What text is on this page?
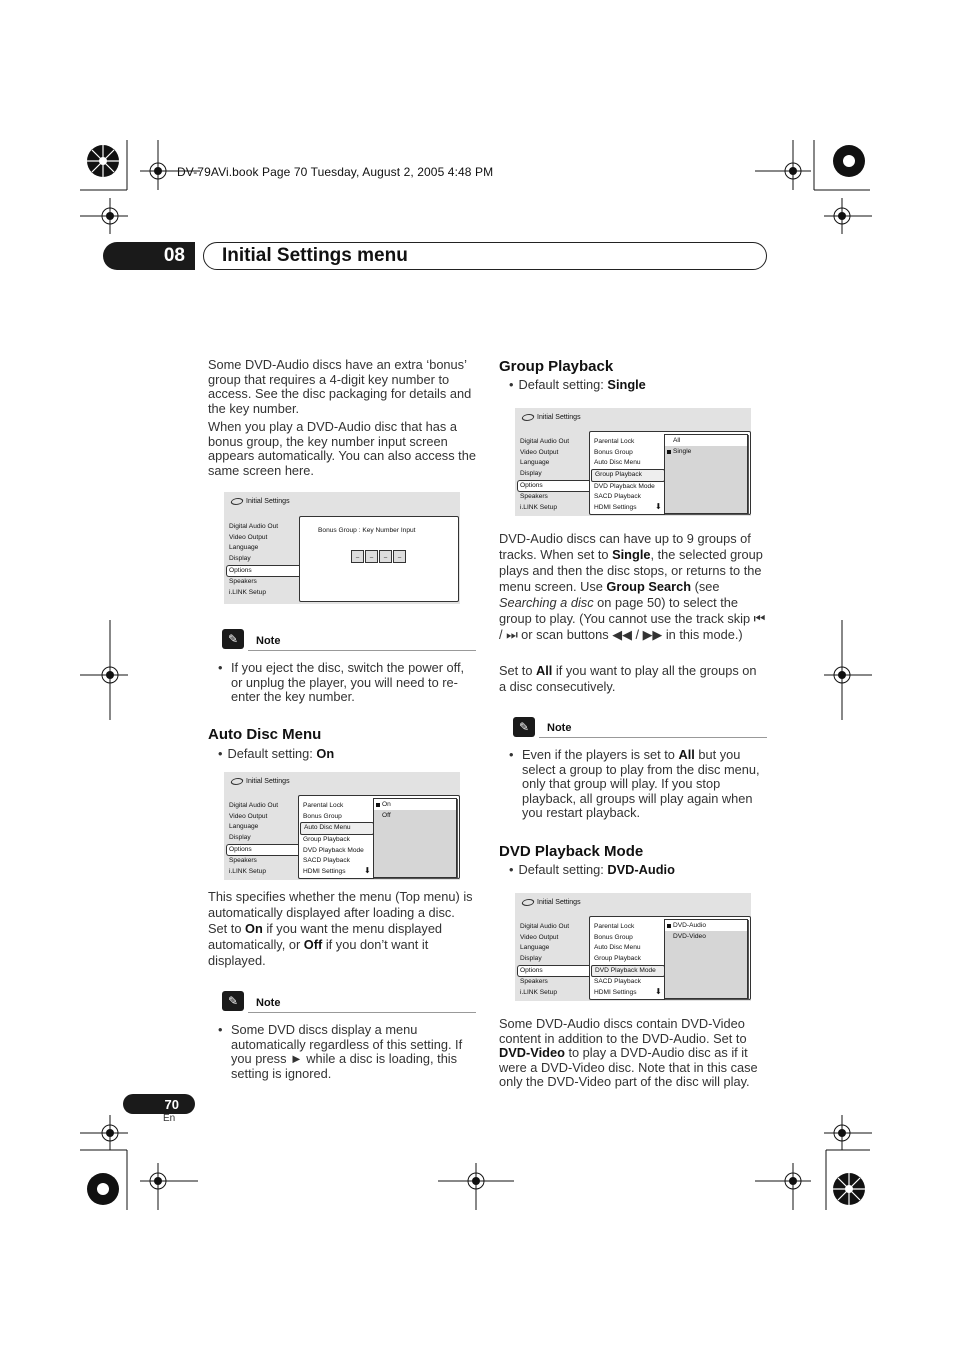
DV-79AVi.book Page 70 Tuesday, August 2, 2005 4:48 PM
08 Initial Settings menu
Some DVD-Audio discs have an extra ‘bonus’ group that requires a 4-digit key number to access. See the disc packaging for details and the key number.
When you play a DVD-Audio disc that has a bonus group, the key number input screen appears automatically. You can also access the same screen here.
Initial Settings
Digital Audio Out
Video Output
Language
Display
Options
Speakers
i.LINK Setup
Bonus Group : Key Number Input
–	–	–	–
✎	Note
• If you eject the disc, switch the power off, or unplug the player, you will need to re-enter the key number.
Auto Disc Menu
• Default setting: On
Initial Settings
Digital Audio Out
Video Output
Language
Display
Options
Speakers
i.LINK Setup
Parental Lock
Bonus Group
Auto Disc Menu
Group Playback
DVD Playback Mode
SACD Playback
HDMI Settings	⬇
On
Off
This specifies whether the menu (Top menu) is automatically displayed after loading a disc. Set to On if you want the menu displayed automatically, or Off if you don’t want it displayed.
✎	Note
• Some DVD discs display a menu automatically regardless of this setting. If you press ► while a disc is loading, this setting is ignored.
Group Playback
• Default setting: Single
Initial Settings
Digital Audio Out
Video Output
Language
Display
Options
Speakers
i.LINK Setup
Parental Lock
Bonus Group
Auto Disc Menu
Group Playback
DVD Playback Mode
SACD Playback
HDMI Settings	⬇
All
Single
DVD-Audio discs can have up to 9 groups of tracks. When set to Single, the selected group plays and then the disc stops, or returns to the menu screen. Use Group Search (see Searching a disc on page 50) to select the group to play. (You cannot use the track skip ⏮ / ⏭ or scan buttons ◀◀ / ▶▶ in this mode.)
Set to All if you want to play all the groups on a disc consecutively.
✎	Note
• Even if the players is set to All but you select a group to play from the disc menu, only that group will play. If you stop playback, all groups will play again when you restart playback.
DVD Playback Mode
• Default setting: DVD-Audio
Initial Settings
Digital Audio Out
Video Output
Language
Display
Options
Speakers
i.LINK Setup
Parental Lock
Bonus Group
Auto Disc Menu
Group Playback
DVD Playback Mode
SACD Playback
HDMI Settings	⬇
DVD-Audio
DVD-Video
Some DVD-Audio discs contain DVD-Video content in addition to the DVD-Audio. Set to DVD-Video to play a DVD-Audio disc as if it were a DVD-Video disc. Note that in this case only the DVD-Video part of the disc will play.
70
En
